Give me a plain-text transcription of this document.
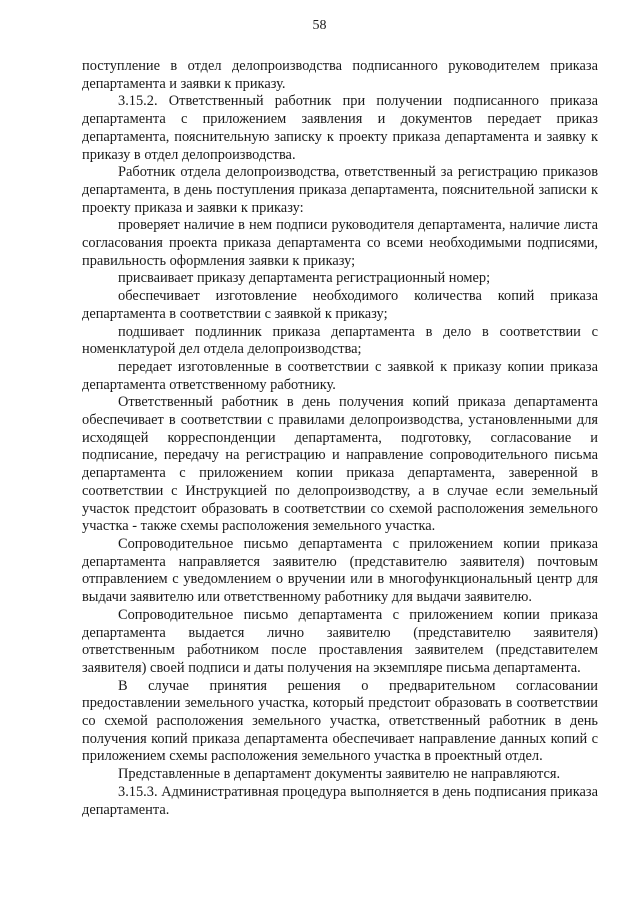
58

поступление в отдел делопроизводства подписанного руководителем приказа департамента и заявки к приказу.

3.15.2. Ответственный работник при получении подписанного приказа департамента с приложением заявления и документов передает приказ департамента, пояснительную записку к проекту приказа департамента и заявку к приказу в отдел делопроизводства.

Работник отдела делопроизводства, ответственный за регистрацию приказов департамента, в день поступления приказа департамента, пояснительной записки к проекту приказа и заявки к приказу:

проверяет наличие в нем подписи руководителя департамента, наличие листа согласования проекта приказа департамента со всеми необходимыми подписями, правильность оформления заявки к приказу;

присваивает приказу департамента регистрационный номер;

обеспечивает изготовление необходимого количества копий приказа департамента в соответствии с заявкой к приказу;

подшивает подлинник приказа департамента в дело в соответствии с номенклатурой дел отдела делопроизводства;

передает изготовленные в соответствии с заявкой к приказу копии приказа департамента ответственному работнику.

Ответственный работник в день получения копий приказа департамента обеспечивает в соответствии с правилами делопроизводства, установленными для исходящей корреспонденции департамента, подготовку, согласование и подписание, передачу на регистрацию и направление сопроводительного письма департамента с приложением копии приказа департамента, заверенной в соответствии с Инструкцией по делопроизводству, а в случае если земельный участок предстоит образовать в соответствии со схемой расположения земельного участка - также схемы расположения земельного участка.

Сопроводительное письмо департамента с приложением копии приказа департамента направляется заявителю (представителю заявителя) почтовым отправлением с уведомлением о вручении или в многофункциональный центр для выдачи заявителю или ответственному работнику для выдачи заявителю.

Сопроводительное письмо департамента с приложением копии приказа департамента выдается лично заявителю (представителю заявителя) ответственным работником после проставления заявителем (представителем заявителя) своей подписи и даты получения на экземпляре письма департамента.

В случае принятия решения о предварительном согласовании предоставлении земельного участка, который предстоит образовать в соответствии со схемой расположения земельного участка, ответственный работник в день получения копий приказа департамента обеспечивает направление данных копий с приложением схемы расположения земельного участка в проектный отдел.

Представленные в департамент документы заявителю не направляются.

3.15.3. Административная процедура выполняется в день подписания приказа департамента.
